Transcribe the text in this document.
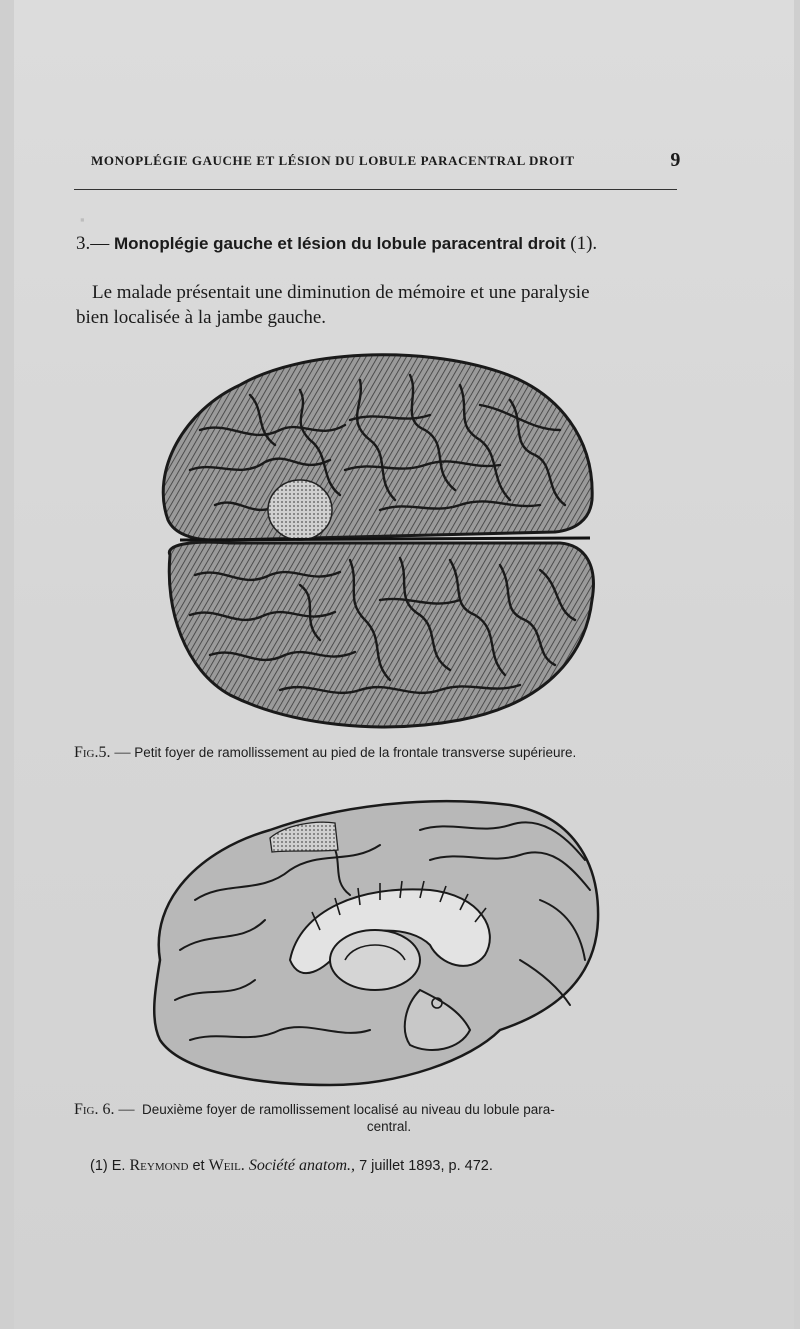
▪
MONOPLÉGIE GAUCHE ET LÉSION DU LOBULE PARACENTRAL DROIT	9
3.— Monoplégie gauche et lésion du lobule paracentral droit (1).
Le malade présentait une diminution de mémoire et une paralysie
bien localisée à la jambe gauche.
Fig.5. — Petit foyer de ramollissement au pied de la frontale transverse supérieure.
Fig. 6. — Deuxième foyer de ramollissement localisé au niveau du lobule para-
central.
(1) E. Reymond et Weil. Société anatom., 7 juillet 1893, p. 472.
